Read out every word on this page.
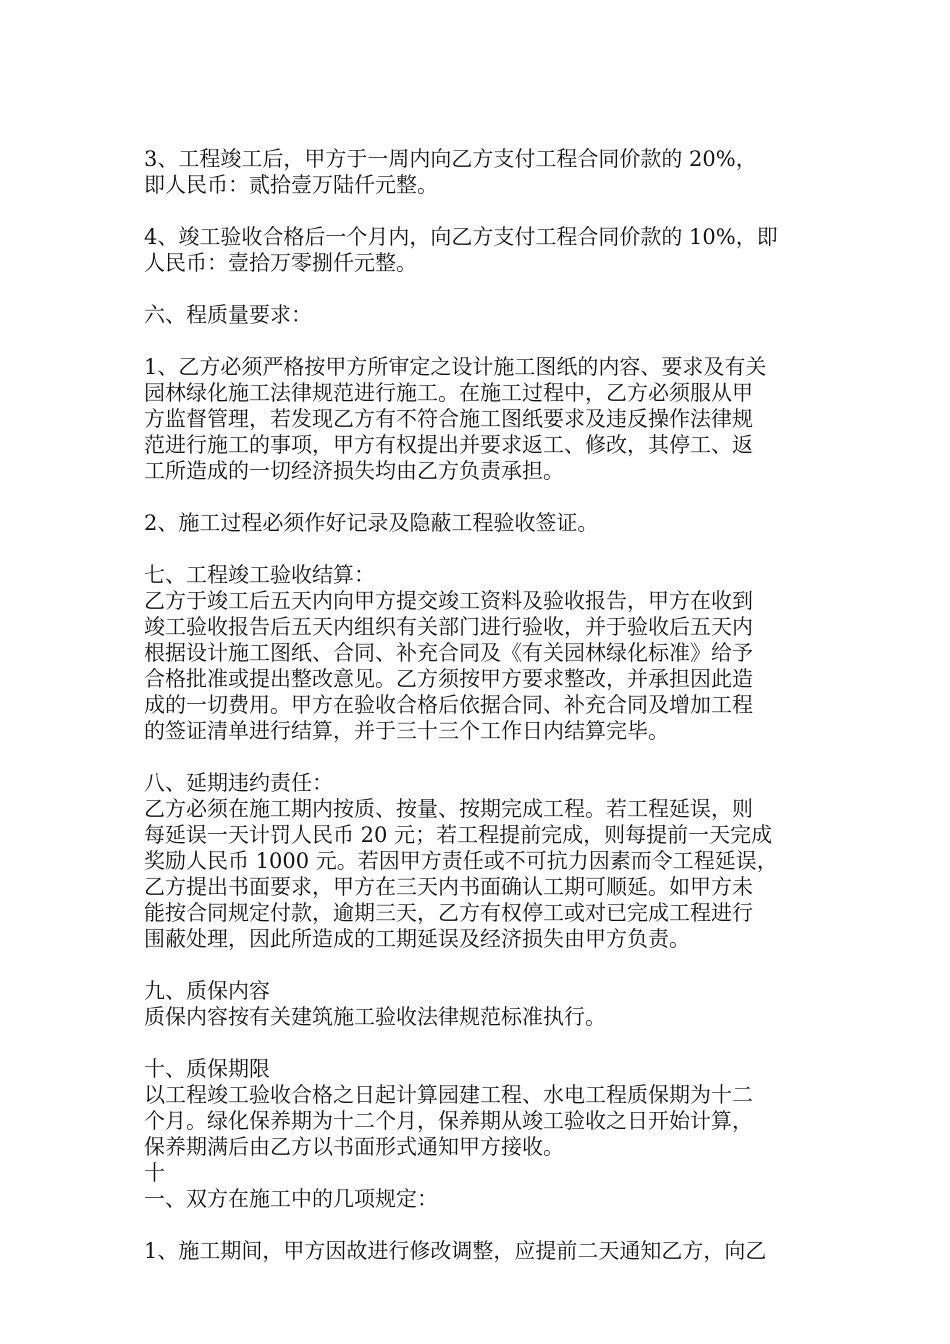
3、工程竣工后，甲方于一周内向乙方支付工程合同价款的 20%，
即人民币：贰拾壹万陆仟元整。
4、竣工验收合格后一个月内，向乙方支付工程合同价款的 10%，即
人民币：壹拾万零捌仟元整。
六、程质量要求：
1、乙方必须严格按甲方所审定之设计施工图纸的内容、要求及有关
园林绿化施工法律规范进行施工。在施工过程中，乙方必须服从甲
方监督管理，若发现乙方有不符合施工图纸要求及违反操作法律规
范进行施工的事项，甲方有权提出并要求返工、修改，其停工、返
工所造成的一切经济损失均由乙方负责承担。
2、施工过程必须作好记录及隐蔽工程验收签证。
七、工程竣工验收结算：
乙方于竣工后五天内向甲方提交竣工资料及验收报告，甲方在收到
竣工验收报告后五天内组织有关部门进行验收，并于验收后五天内
根据设计施工图纸、合同、补充合同及《有关园林绿化标准》给予
合格批准或提出整改意见。乙方须按甲方要求整改，并承担因此造
成的一切费用。甲方在验收合格后依据合同、补充合同及增加工程
的签证清单进行结算，并于三十三个工作日内结算完毕。
八、延期违约责任：
乙方必须在施工期内按质、按量、按期完成工程。若工程延误，则
每延误一天计罚人民币 20 元；若工程提前完成，则每提前一天完成
奖励人民币 1000 元。若因甲方责任或不可抗力因素而令工程延误，
乙方提出书面要求，甲方在三天内书面确认工期可顺延。如甲方未
能按合同规定付款，逾期三天，乙方有权停工或对已完成工程进行
围蔽处理，因此所造成的工期延误及经济损失由甲方负责。
九、质保内容
质保内容按有关建筑施工验收法律规范标准执行。
十、质保期限
以工程竣工验收合格之日起计算园建工程、水电工程质保期为十二
个月。绿化保养期为十二个月，保养期从竣工验收之日开始计算，
保养期满后由乙方以书面形式通知甲方接收。
十
一、双方在施工中的几项规定：
1、施工期间，甲方因故进行修改调整，应提前二天通知乙方，向乙
